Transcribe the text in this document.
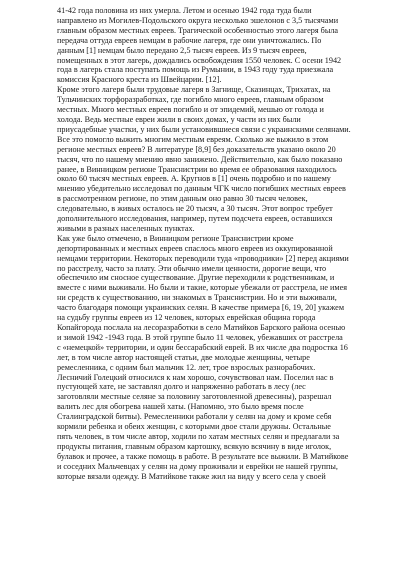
41-42 года половина из них умерла. Летом и осенью 1942 года туда были
направлено из Могилев-Подольского округа несколько эшелонов с 3,5 тысячами
главным образом местных евреев. Трагической особенностью этого лагеря была
передача оттуда евреев немцам в рабочие лагеря, где они уничтожались. По
данным [1] немцам было передано 2,5 тысяч евреев. Из 9 тысяч евреев,
помещенных в этот лагерь, дождались освобождения 1550 человек. С осени 1942
года в лагерь стала поступать помощь из Румынии, в 1943 году туда приезжала
комиссия Красного креста из Швейцарии. [12].
Кроме этого лагеря были трудовые лагеря в Загнище, Сказинцах, Трихатах, на
Тульчинских торфоразработках, где погибло много евреев, главным образом
местных. Много местных евреев погибло и от эпидемий, мешью от голода и
холода. Ведь местные евреи жили в своих домах, у части из них были
приусадебные участки, у них были установившиеся связи с украинскими селянами.
Все это помогло выжить многим местным евреям. Сколько же выжило в этом
регионе местных евреев? В литературе [8,9] без доказательств указано около 20
тысяч, что по нашему мнению явно занижено. Действительно, как было показано
ранее, в Винницком регионе Транснистрии во время ее образования находилось
около 60 тысяч местных евреев. А. Кругнов в [1] очень подробно и по нашему
мнению убедительно исследовал по данным ЧГК число погибших местных евреев
в рассмотренном регионе, по этим данным оно равно 30 тысяч человек,
следовательно, в живых осталось не 20 тысяч, а 30 тысяч. Этот вопрос требует
дополнительного исследования, например, путем подсчета евреев, оставшихся
живыми в разных населенных пунктах.
Как уже было отмечено, в Винницком регионе Транснистрии кроме
депортированных и местных евреев спаслось много евреев из оккупированной
немцами территории. Некоторых переводили туда «проводники» [2] перед акциями
по расстрелу, часто за плату. Эти обычно имели ценности, дорогие вещи, что
обеспечило им сносное существование. Другие переходили к родственникам, и
вместе с ними выживали. Но были и такие, которые убежали от расстрела, не имея
ни средств к существованию, ни знакомых в Транснистрии. Но и эти выживали,
часто благодаря помощи украинских селян. В качестве примера [6, 19, 20] укажем
на судьбу группы евреев из 12 человек, которых еврейская община города
Копайгорода послала на лесоразработки в село Матийков Барского района осенью
и зимой 1942 -1943 года. В этой группе было 11 человек, убежавших от расстрела
с «немецкой» территории, и один бессарабский еврей. В их числе два подростка 16
лет, в том числе автор настоящей статьи, две молодые женщины, четыре
ремесленника, с одним был мальчик 12. лет, трое взрослых разнорабочих.
Лесничий Голецкий относился к нам хорошо, сочувствовал нам. Поселил нас в
пустующей хате, не заставлял долго и напряженно работать в лесу (лес
заготовляли местные селяне за половину заготовленной древесины), разрешал
валить лес для обогрева нашей хаты. (Напомню, это было время после
Сталинградской битвы). Ремесленники работали у селян на дому и кроме себя
кормили ребенка и обеих женщин, с которыми двое стали дружны. Остальные
пять человек, в том числе автор, ходили по хатам местных селян и предлагали за
продукты питания, главным образом картошку, всякую всячину в виде иголок,
булавок и прочее, а также помощь в работе. В результате все выжили. В Матийкове
и соседних Мальчевцах у селян на дому проживали и еврейки не нашей группы,
которые вязали одежду. В Матийкове также жил на виду у всего села у своей
